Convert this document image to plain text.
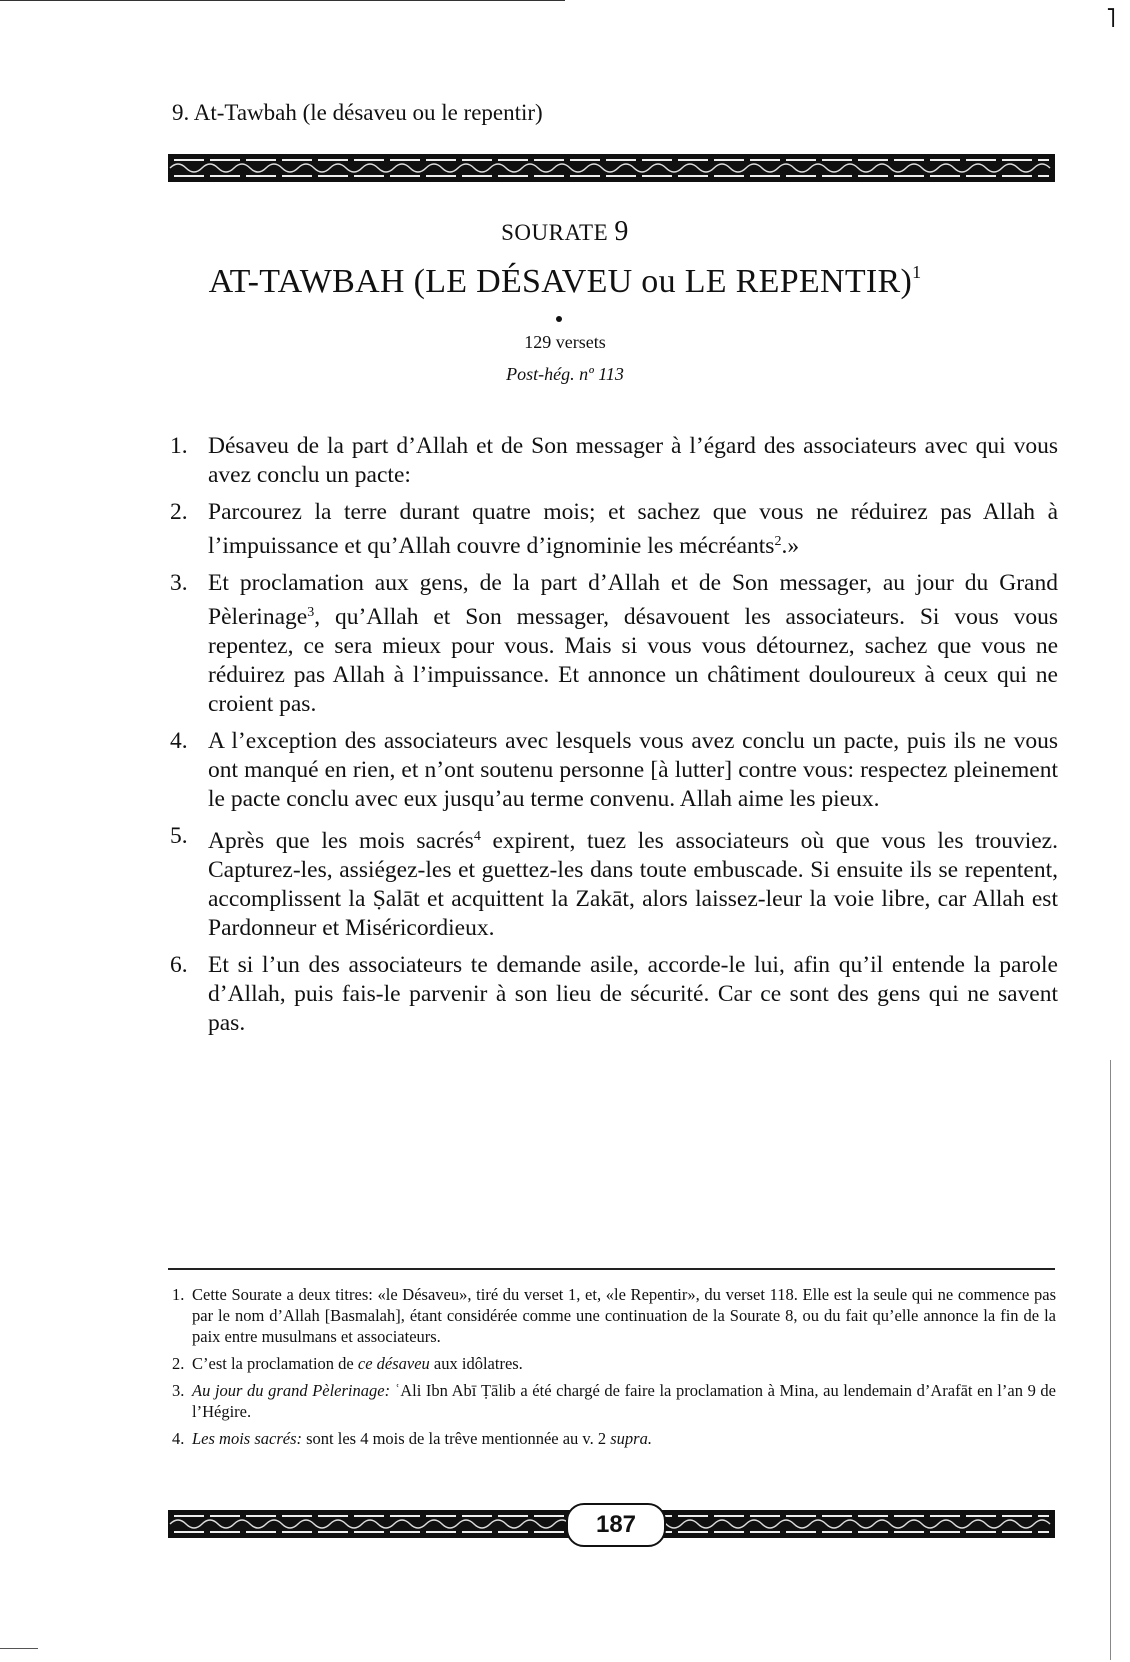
˥
9. At-Tawbah (le désaveu ou le repentir)
SOURATE 9
AT-TAWBAH (LE DÉSAVEU ou LE REPENTIR)$^1$
129 versets
Post-hég. nº 113
1. Désaveu de la part d’Allah et de Son messager à l’égard des associateurs avec qui vous avez conclu un pacte:
2. Parcourez la terre durant quatre mois; et sachez que vous ne réduirez pas Allah à l’impuissance et qu’Allah couvre d’ignominie les mécréants$^2$.»
3. Et proclamation aux gens, de la part d’Allah et de Son messager, au jour du Grand Pèlerinage$^3$, qu’Allah et Son messager, désavouent les associateurs. Si vous vous repentez, ce sera mieux pour vous. Mais si vous vous détournez, sachez que vous ne réduirez pas Allah à l’impuissance. Et annonce un châtiment douloureux à ceux qui ne croient pas.
4. A l’exception des associateurs avec lesquels vous avez conclu un pacte, puis ils ne vous ont manqué en rien, et n’ont soutenu personne [à lutter] contre vous: respectez pleinement le pacte conclu avec eux jusqu’au terme convenu. Allah aime les pieux.
5. Après que les mois sacrés$^4$ expirent, tuez les associateurs où que vous les trouviez. Capturez-les, assiégez-les et guettez-les dans toute embuscade. Si ensuite ils se repentent, accomplissent la Ṣalāt et acquittent la Zakāt, alors laissez-leur la voie libre, car Allah est Pardonneur et Miséricordieux.
6. Et si l’un des associateurs te demande asile, accorde-le lui, afin qu’il entende la parole d’Allah, puis fais-le parvenir à son lieu de sécurité. Car ce sont des gens qui ne savent pas.
1. Cette Sourate a deux titres: «le Désaveu», tiré du verset 1, et, «le Repentir», du verset 118. Elle est la seule qui ne commence pas par le nom d’Allah [Basmalah], étant considérée comme une continuation de la Sourate 8, ou du fait qu’elle annonce la fin de la paix entre musulmans et associateurs.
2. C’est la proclamation de ce désaveu aux idôlatres.
3. Au jour du grand Pèlerinage: ʿAli Ibn Abī Ṭālib a été chargé de faire la proclamation à Mina, au lendemain d’Arafāt en l’an 9 de l’Hégire.
4. Les mois sacrés: sont les 4 mois de la trêve mentionnée au v. 2 supra.
187
